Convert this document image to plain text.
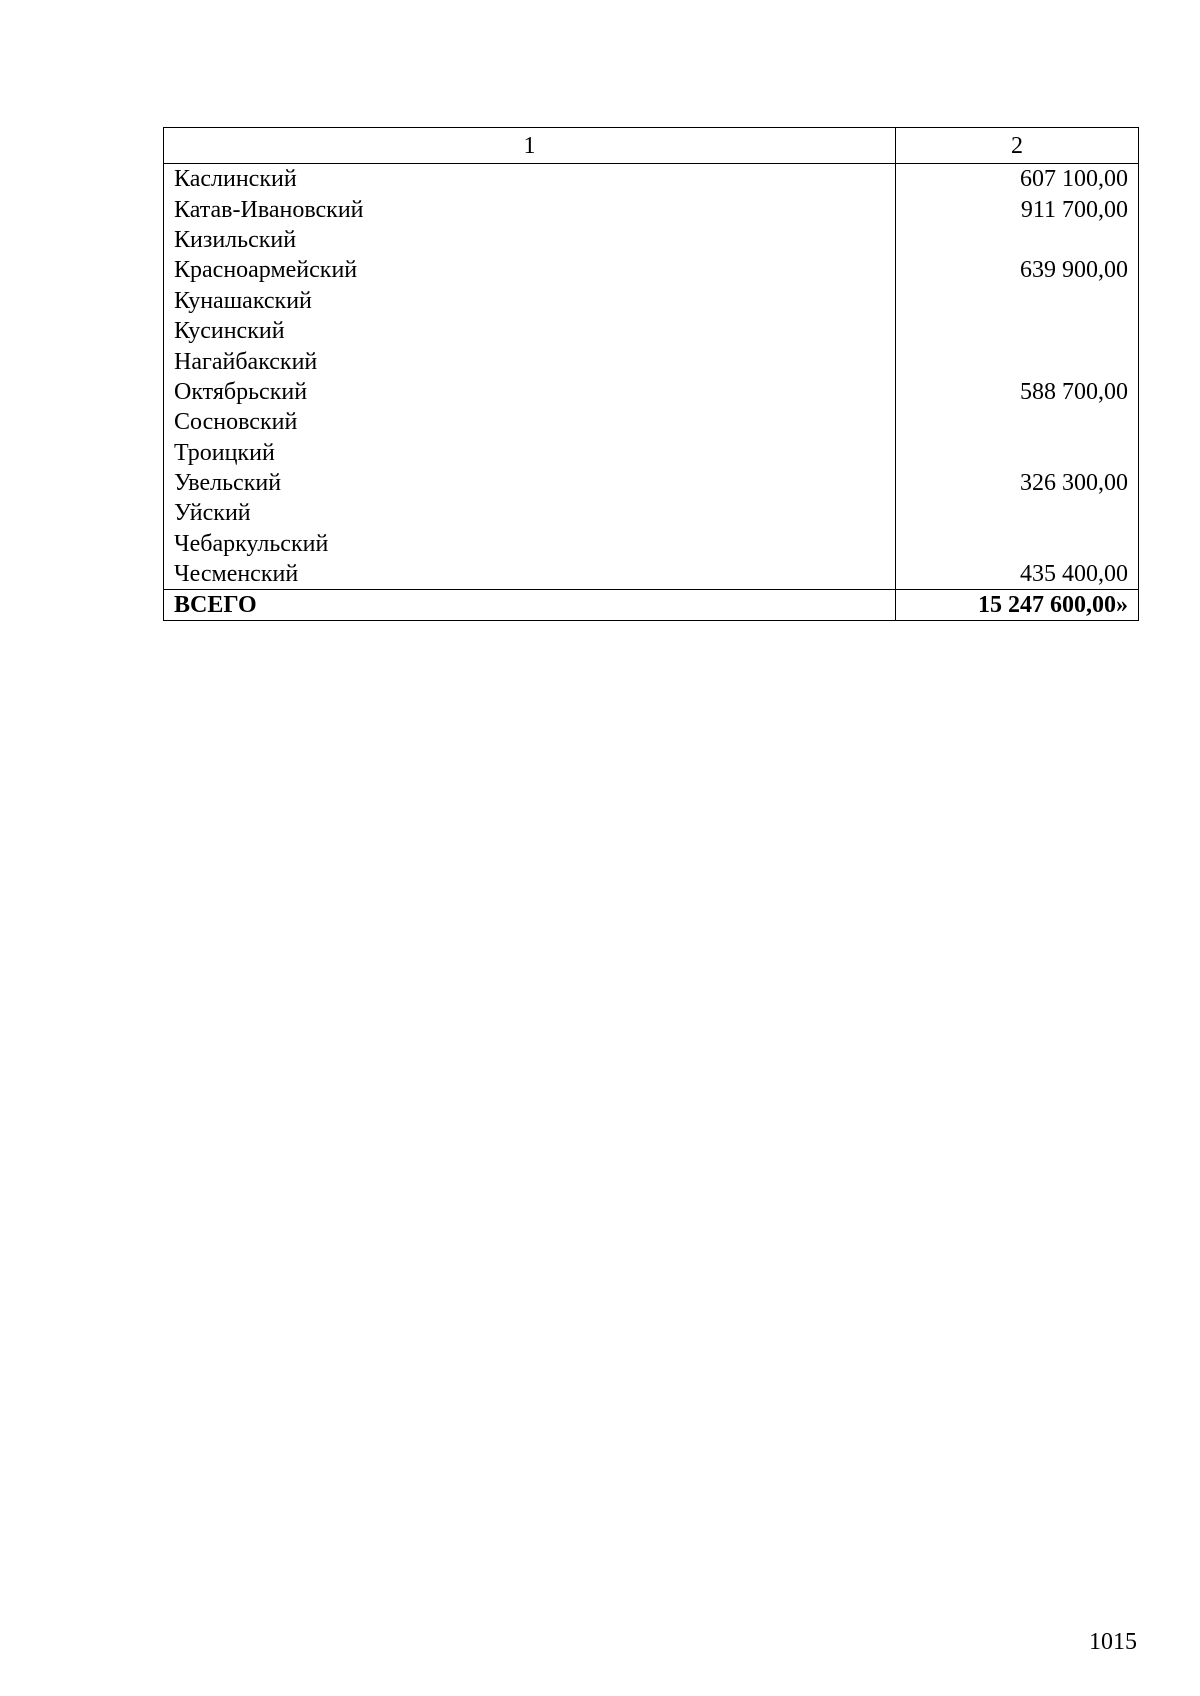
1	2
Каслинский	607 100,00
Катав-Ивановский	911 700,00
Кизильский	
Красноармейский	639 900,00
Кунашакский	
Кусинский	
Нагайбакский	
Октябрьский	588 700,00
Сосновский	
Троицкий	
Увельский	326 300,00
Уйский	
Чебаркульский	
Чесменский	435 400,00
ВСЕГО	15 247 600,00»
1015
